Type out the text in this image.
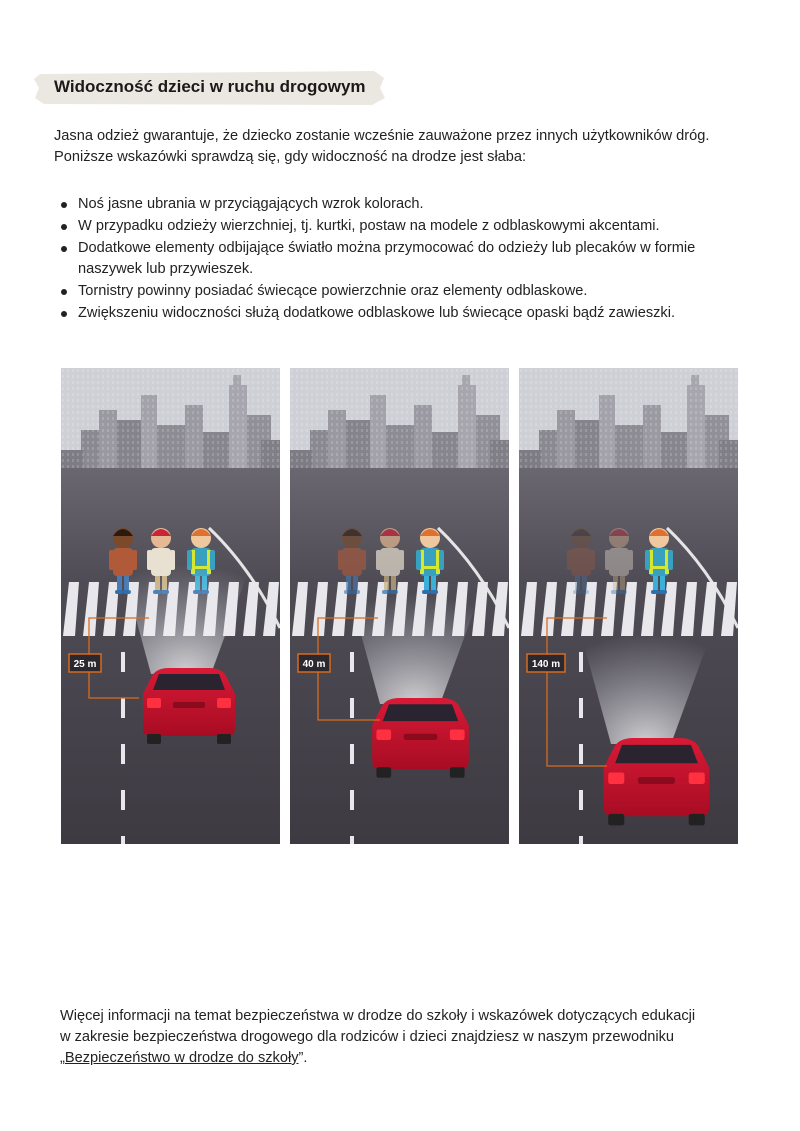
Widoczność dzieci w ruchu drogowym

Jasna odzież gwarantuje, że dziecko zostanie wcześnie zauważone przez innych użytkowników dróg.
Poniższe wskazówki sprawdzą się, gdy widoczność na drodze jest słaba:

Noś jasne ubrania w przyciągających wzrok kolorach.
W przypadku odzieży wierzchniej, tj. kurtki, postaw na modele z odblaskowymi akcentami.
Dodatkowe elementy odbijające światło można przymocować do odzieży lub plecaków w formie naszywek lub przywieszek.
Tornistry powinny posiadać świecące powierzchnie oraz elementy odblaskowe.
Zwiększeniu widoczności służą dodatkowe odblaskowe lub świecące opaski bądź zawieszki.
25 m	40 m	140 m

Więcej informacji na temat bezpieczeństwa w drodze do szkoły i wskazówek dotyczących edukacji
w zakresie bezpieczeństwa drogowego dla rodziców i dzieci znajdziesz w naszym przewodniku
„Bezpieczeństwo w drodze do szkoły”.
